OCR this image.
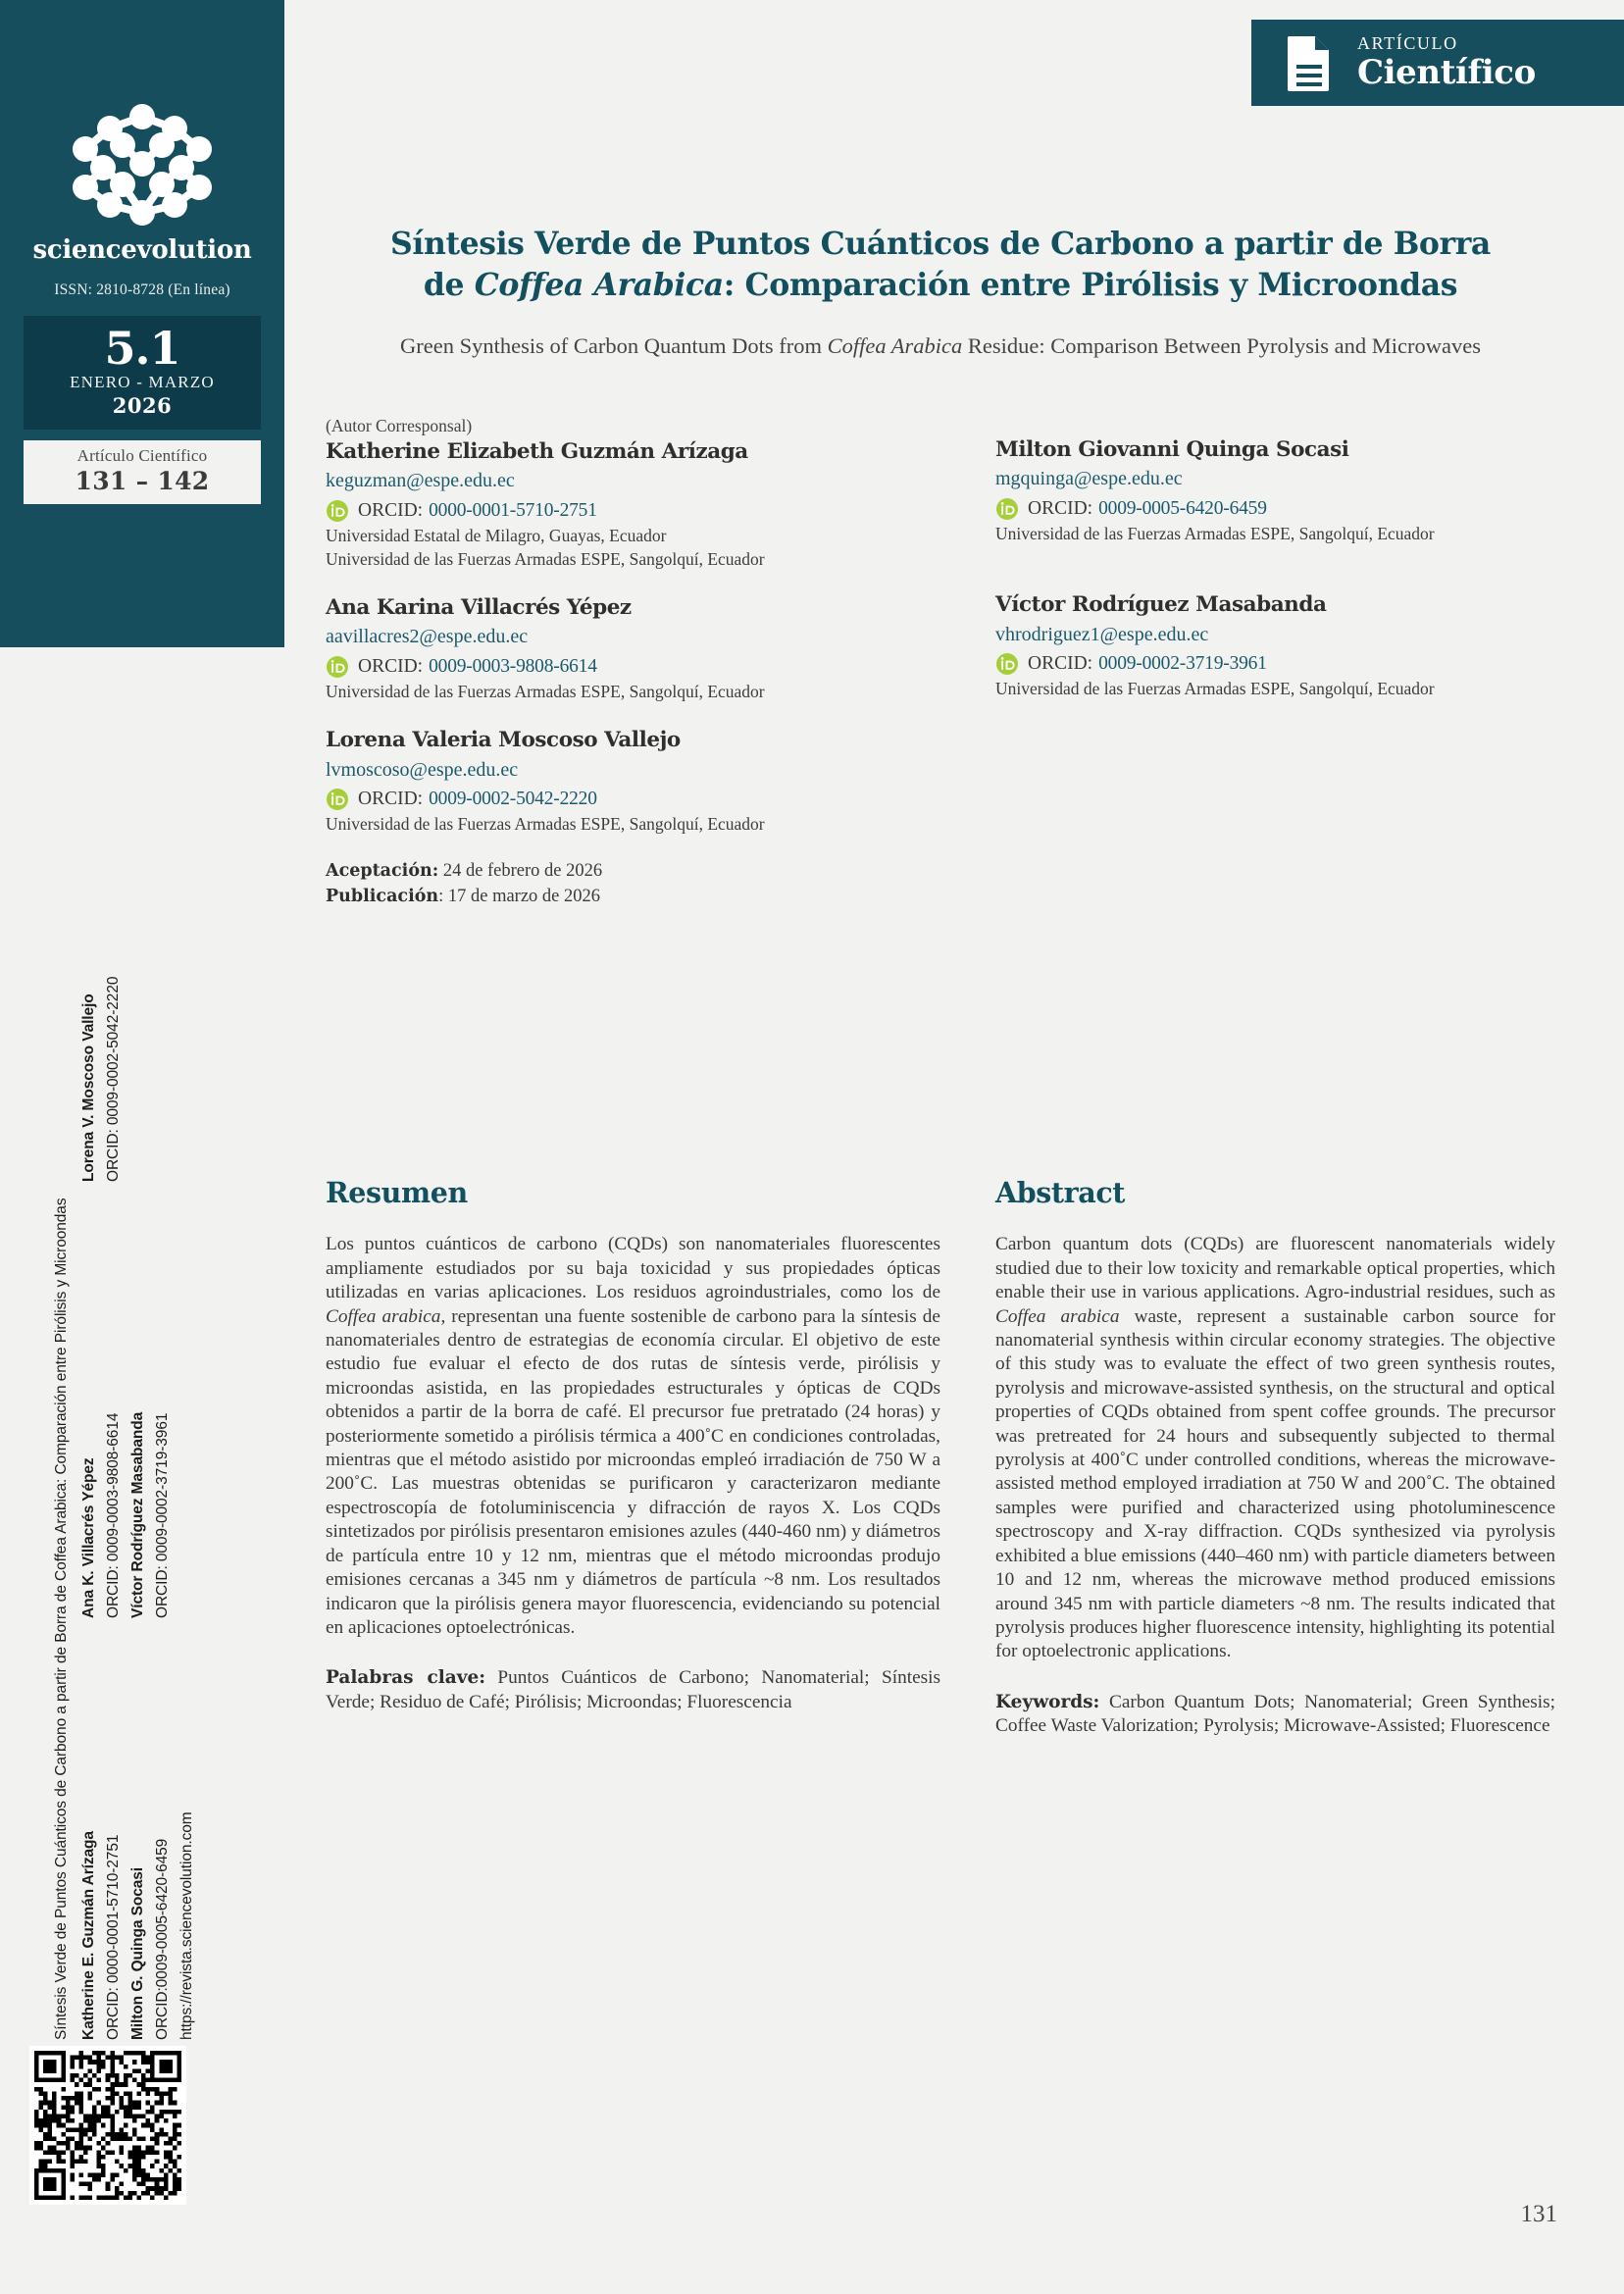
sciencevolution
ISSN: 2810-8728 (En línea)
5.1
ENERO - MARZO
2026
Artículo Científico
131 – 142
ARTÍCULO
Científico
Síntesis Verde de Puntos Cuánticos de Carbono a partir de Borra de Coffea Arabica: Comparación entre Pirólisis y Microondas Katherine E. Guzmán Arízaga ORCID: 0000-0001-5710-2751
Ana K. Villacrés Yépez ORCID: 0009-0003-9808-6614
Lorena V. Moscoso Vallejo ORCID: 0009-0002-5042-2220
Milton G. Quinga Socasi ORCID:0009-0005-6420-6459
Víctor Rodríguez Masabanda ORCID: 0009-0002-3719-3961
https://revista.sciencevolution.com
Síntesis Verde de Puntos Cuánticos de Carbono a partir de Borra de Coffea Arabica: Comparación entre Pirólisis y Microondas
Green Synthesis of Carbon Quantum Dots from Coffea Arabica Residue: Comparison Between Pyrolysis and Microwaves
(Autor Corresponsal)
Katherine Elizabeth Guzmán Arízaga
keguzman@espe.edu.ec
ORCID: 0000-0001-5710-2751
Universidad Estatal de Milagro, Guayas, Ecuador
Universidad de las Fuerzas Armadas ESPE, Sangolquí, Ecuador
Ana Karina Villacrés Yépez
aavillacres2@espe.edu.ec
ORCID: 0009-0003-9808-6614
Universidad de las Fuerzas Armadas ESPE, Sangolquí, Ecuador
Lorena Valeria Moscoso Vallejo
lvmoscoso@espe.edu.ec
ORCID: 0009-0002-5042-2220
Universidad de las Fuerzas Armadas ESPE, Sangolquí, Ecuador
Aceptación: 24 de febrero de 2026
Publicación: 17 de marzo de 2026
Milton Giovanni Quinga Socasi
mgquinga@espe.edu.ec
ORCID: 0009-0005-6420-6459
Universidad de las Fuerzas Armadas ESPE, Sangolquí, Ecuador
Víctor Rodríguez Masabanda
vhrodriguez1@espe.edu.ec
ORCID: 0009-0002-3719-3961
Universidad de las Fuerzas Armadas ESPE, Sangolquí, Ecuador
Resumen

Los puntos cuánticos de carbono (CQDs) son nanomateriales fluorescentes ampliamente estudiados por su baja toxicidad y sus propiedades ópticas utilizadas en varias aplicaciones. Los residuos agroindustriales, como los de Coffea arabica, representan una fuente sostenible de carbono para la síntesis de nanomateriales dentro de estrategias de economía circular. El objetivo de este estudio fue evaluar el efecto de dos rutas de síntesis verde, pirólisis y microondas asistida, en las propiedades estructurales y ópticas de CQDs obtenidos a partir de la borra de café. El precursor fue pretratado (24 horas) y posteriormente sometido a pirólisis térmica a 400˚C en condiciones controladas, mientras que el método asistido por microondas empleó irradiación de 750 W a 200˚C. Las muestras obtenidas se purificaron y caracterizaron mediante espectroscopía de fotoluminiscencia y difracción de rayos X. Los CQDs sintetizados por pirólisis presentaron emisiones azules (440-460 nm) y diámetros de partícula entre 10 y 12 nm, mientras que el método microondas produjo emisiones cercanas a 345 nm y diámetros de partícula ~8 nm. Los resultados indicaron que la pirólisis genera mayor fluorescencia, evidenciando su potencial en aplicaciones optoelectrónicas.

Palabras clave: Puntos Cuánticos de Carbono; Nanomaterial; Síntesis Verde; Residuo de Café; Pirólisis; Microondas; Fluorescencia
Abstract

Carbon quantum dots (CQDs) are fluorescent nanomaterials widely studied due to their low toxicity and remarkable optical properties, which enable their use in various applications. Agro-industrial residues, such as Coffea arabica waste, represent a sustainable carbon source for nanomaterial synthesis within circular economy strategies. The objective of this study was to evaluate the effect of two green synthesis routes, pyrolysis and microwave-assisted synthesis, on the structural and optical properties of CQDs obtained from spent coffee grounds. The precursor was pretreated for 24 hours and subsequently subjected to thermal pyrolysis at 400˚C under controlled conditions, whereas the microwave-assisted method employed irradiation at 750 W and 200˚C. The obtained samples were purified and characterized using photoluminescence spectroscopy and X-ray diffraction. CQDs synthesized via pyrolysis exhibited a blue emissions (440–460 nm) with particle diameters between 10 and 12 nm, whereas the microwave method produced emissions around 345 nm with particle diameters ~8 nm. The results indicated that pyrolysis produces higher fluorescence intensity, highlighting its potential for optoelectronic applications.

Keywords: Carbon Quantum Dots; Nanomaterial; Green Synthesis; Coffee Waste Valorization; Pyrolysis; Microwave-Assisted; Fluorescence
131
